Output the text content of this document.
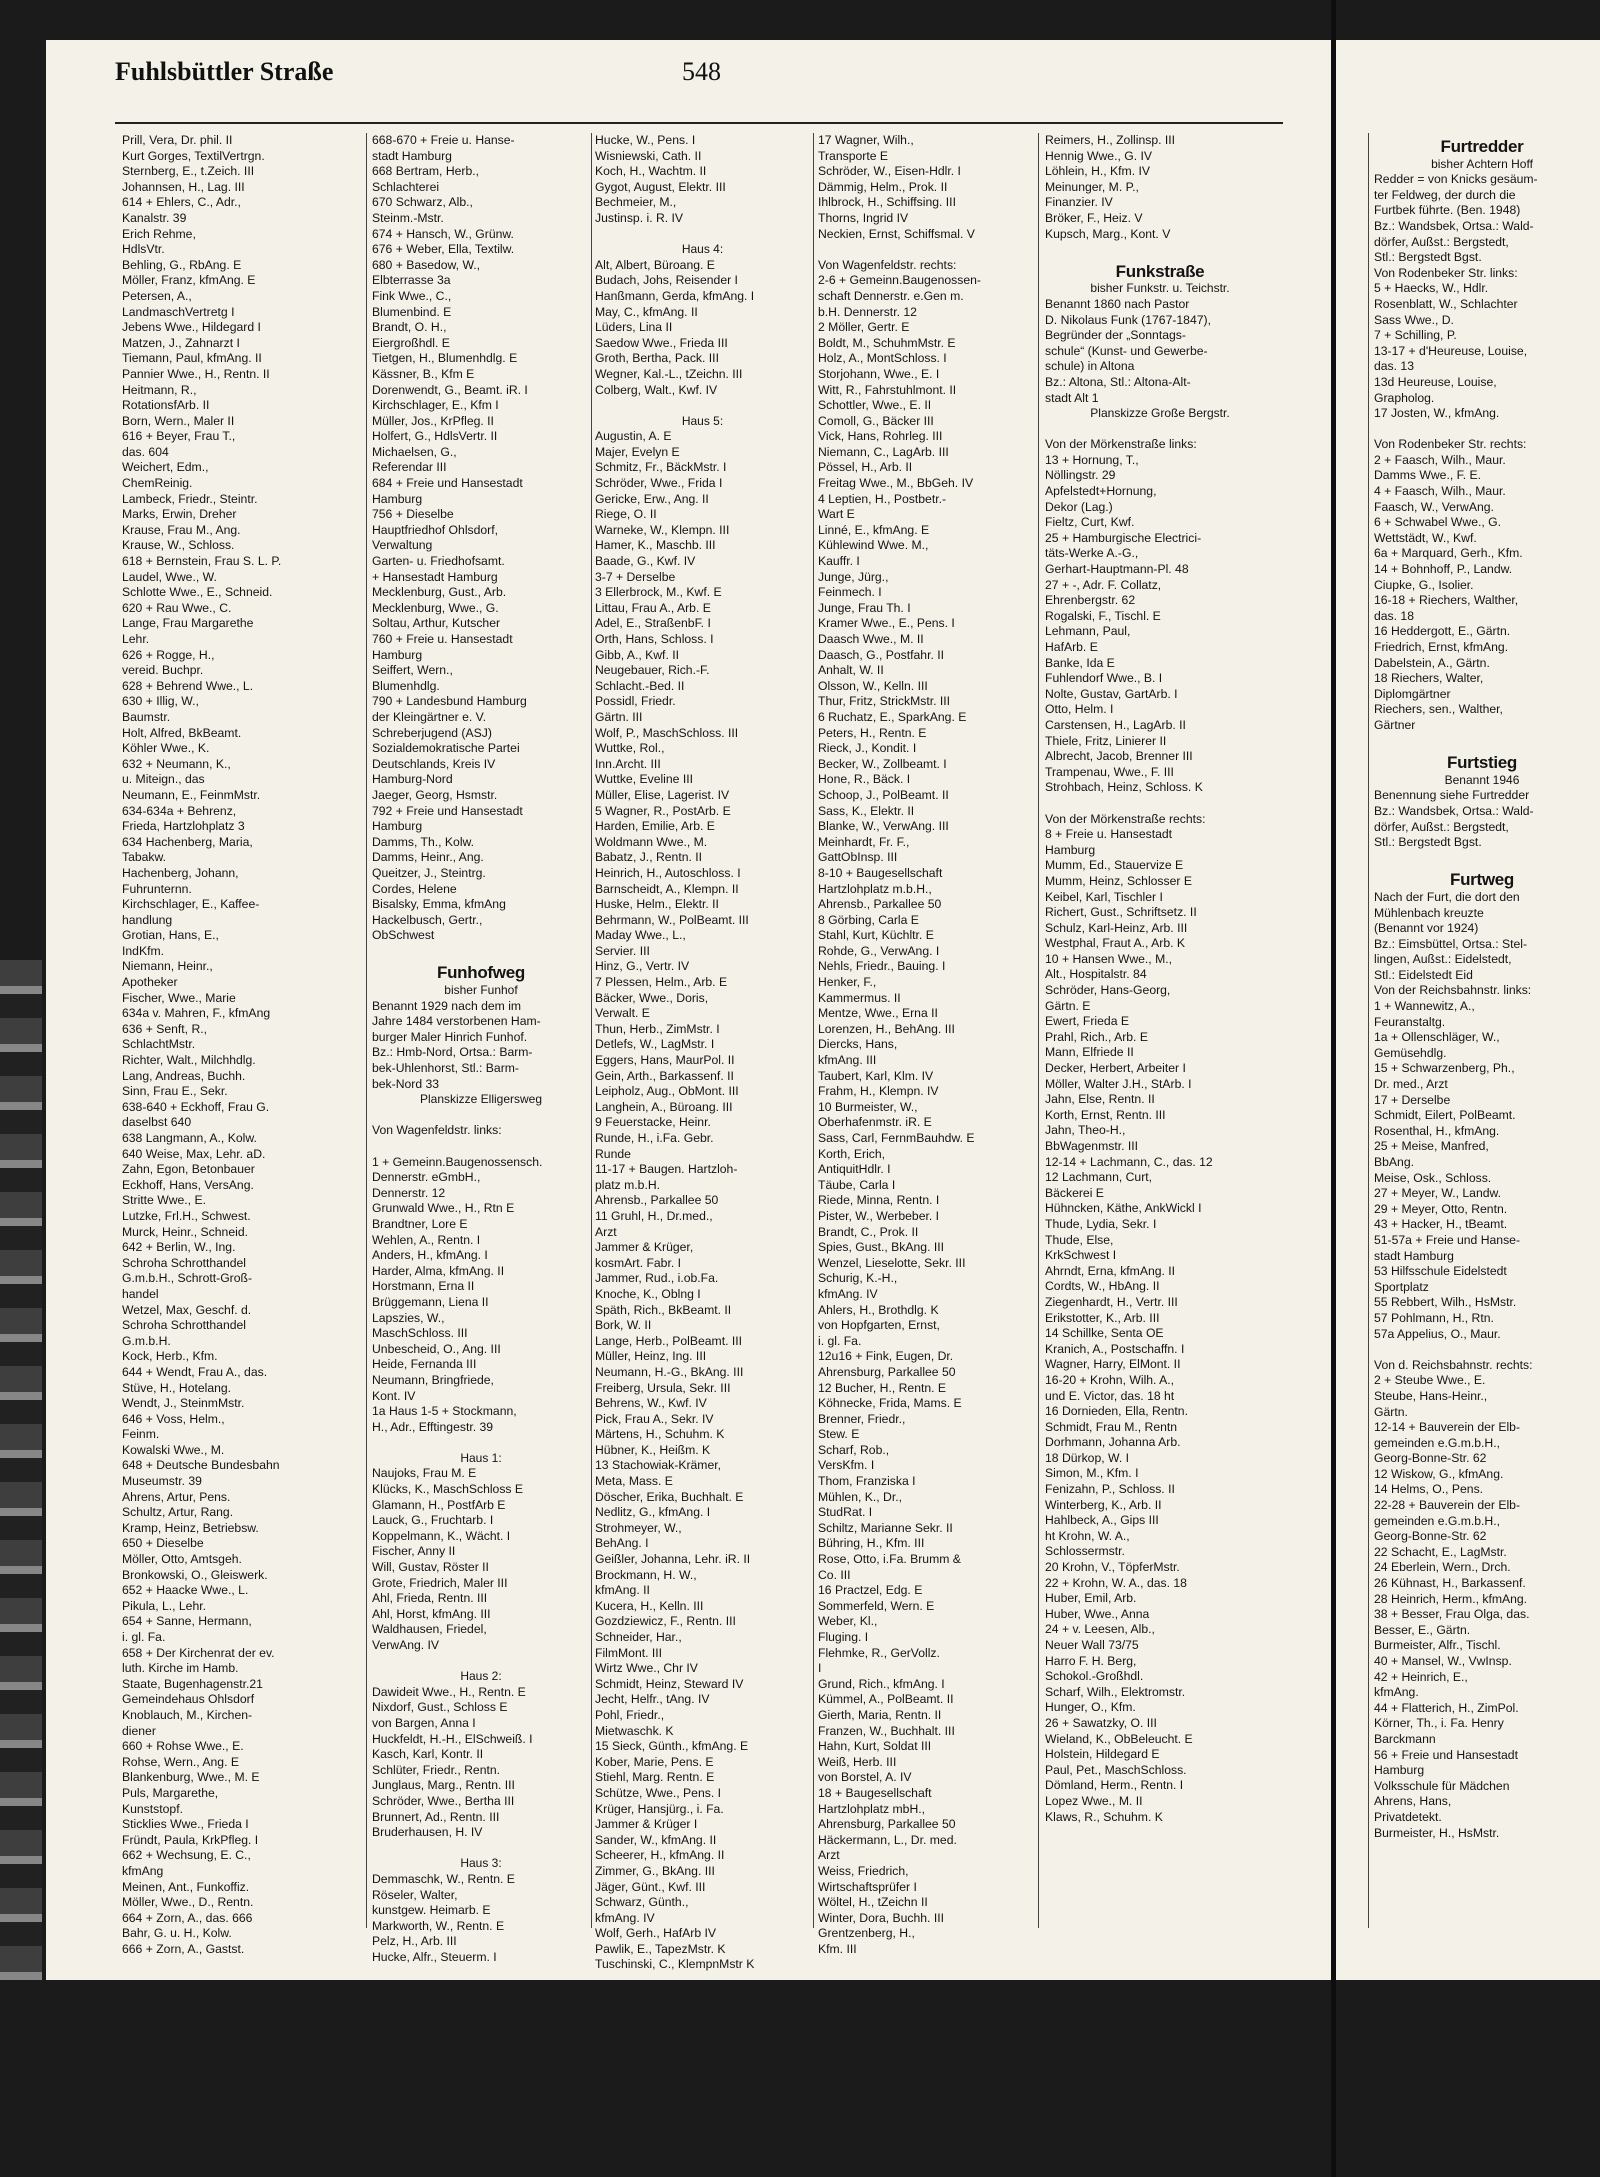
Fuhlsbüttler Straße	548
Prill, Vera, Dr. phil. II
Kurt Gorges, TextilVertrgn.
Sternberg, E., t.Zeich. III
Johannsen, H., Lag. III
614 + Ehlers, C., Adr.,
Kanalstr. 39
Erich Rehme,
HdlsVtr.
Behling, G., RbAng. E
Möller, Franz, kfmAng. E
Petersen, A.,
LandmaschVertretg I
Jebens Wwe., Hildegard I
Matzen, J., Zahnarzt I
Tiemann, Paul, kfmAng. II
Pannier Wwe., H., Rentn. II
Heitmann, R.,
RotationsfArb. II
Born, Wern., Maler II
616 + Beyer, Frau T.,
das. 604
Weichert, Edm.,
ChemReinig.
Lambeck, Friedr., Steintr.
Marks, Erwin, Dreher
Krause, Frau M., Ang.
Krause, W., Schloss.
618 + Bernstein, Frau S. L. P.
Laudel, Wwe., W.
Schlotte Wwe., E., Schneid.
620 + Rau Wwe., C.
Lange, Frau Margarethe
Lehr.
626 + Rogge, H.,
vereid. Buchpr.
628 + Behrend Wwe., L.
630 + Illig, W.,
Baumstr.
Holt, Alfred, BkBeamt.
Köhler Wwe., K.
632 + Neumann, K.,
u. Miteign., das
Neumann, E., FeinmMstr.
634-634a + Behrenz,
Frieda, Hartzlohplatz 3
634 Hachenberg, Maria,
Tabakw.
Hachenberg, Johann,
Fuhrunternn.
Kirchschlager, E., Kaffee-
handlung
Grotian, Hans, E.,
IndKfm.
Niemann, Heinr.,
Apotheker
Fischer, Wwe., Marie
634a v. Mahren, F., kfmAng
636 + Senft, R.,
SchlachtMstr.
Richter, Walt., Milchhdlg.
Lang, Andreas, Buchh.
Sinn, Frau E., Sekr.
638-640 + Eckhoff, Frau G.
daselbst 640
638 Langmann, A., Kolw.
640 Weise, Max, Lehr. aD.
Zahn, Egon, Betonbauer
Eckhoff, Hans, VersAng.
Stritte Wwe., E.
Lutzke, Frl.H., Schwest.
Murck, Heinr., Schneid.
642 + Berlin, W., Ing.
Schroha Schrotthandel
G.m.b.H., Schrott-Groß-
handel
Wetzel, Max, Geschf. d.
Schroha Schrotthandel
G.m.b.H.
Kock, Herb., Kfm.
644 + Wendt, Frau A., das.
Stüve, H., Hotelang.
Wendt, J., SteinmMstr.
646 + Voss, Helm.,
Feinm.
Kowalski Wwe., M.
648 + Deutsche Bundesbahn
Museumstr. 39
Ahrens, Artur, Pens.
Schultz, Artur, Rang.
Kramp, Heinz, Betriebsw.
650 + Dieselbe
Möller, Otto, Amtsgeh.
Bronkowski, O., Gleiswerk.
652 + Haacke Wwe., L.
Pikula, L., Lehr.
654 + Sanne, Hermann,
i. gl. Fa.
658 + Der Kirchenrat der ev.
luth. Kirche im Hamb.
Staate, Bugenhagenstr.21
Gemeindehaus Ohlsdorf
Knoblauch, M., Kirchen-
diener
660 + Rohse Wwe., E.
Rohse, Wern., Ang. E
Blankenburg, Wwe., M. E
Puls, Margarethe,
Kunststopf.
Sticklies Wwe., Frieda I
Fründt, Paula, KrkPfleg. I
662 + Wechsung, E. C.,
kfmAng
Meinen, Ant., Funkoffiz.
Möller, Wwe., D., Rentn.
664 + Zorn, A., das. 666
Bahr, G. u. H., Kolw.
666 + Zorn, A., Gastst.
668-670 + Freie u. Hanse-
stadt Hamburg
668 Bertram, Herb.,
Schlachterei
670 Schwarz, Alb.,
Steinm.-Mstr.
674 + Hansch, W., Grünw.
676 + Weber, Ella, Textilw.
680 + Basedow, W.,
Elbterrasse 3a
Fink Wwe., C.,
Blumenbind. E
Brandt, O. H.,
Eiergroßhdl. E
Tietgen, H., Blumenhdlg. E
Kässner, B., Kfm E
Dorenwendt, G., Beamt. iR. I
Kirchschlager, E., Kfm I
Müller, Jos., KrPfleg. II
Holfert, G., HdlsVertr. II
Michaelsen, G.,
Referendar III
684 + Freie und Hansestadt
Hamburg
756 + Dieselbe
Hauptfriedhof Ohlsdorf,
Verwaltung
Garten- u. Friedhofsamt.
+ Hansestadt Hamburg
Mecklenburg, Gust., Arb.
Mecklenburg, Wwe., G.
Soltau, Arthur, Kutscher
760 + Freie u. Hansestadt
Hamburg
Seiffert, Wern.,
Blumenhdlg.
790 + Landesbund Hamburg
der Kleingärtner e. V.
Schreberjugend (ASJ)
Sozialdemokratische Partei
Deutschlands, Kreis IV
Hamburg-Nord
Jaeger, Georg, Hsmstr.
792 + Freie und Hansestadt
Hamburg
Damms, Th., Kolw.
Damms, Heinr., Ang.
Queitzer, J., Steintrg.
Cordes, Helene
Bisalsky, Emma, kfmAng
Hackelbusch, Gertr.,
ObSchwest

Funhofweg
bisher Funhof
Benannt 1929 nach dem im
Jahre 1484 verstorbenen Ham-
burger Maler Hinrich Funhof.
Bz.: Hmb-Nord, Ortsa.: Barm-
bek-Uhlenhorst, Stl.: Barm-
bek-Nord 33
Planskizze Elligersweg

Von Wagenfeldstr. links:

1 + Gemeinn.Baugenossensch.
Dennerstr. eGmbH.,
Dennerstr. 12
Grunwald Wwe., H., Rtn E
Brandtner, Lore E
Wehlen, A., Rentn. I
Anders, H., kfmAng. I
Harder, Alma, kfmAng. II
Horstmann, Erna II
Brüggemann, Liena II
Lapszies, W.,
MaschSchloss. III
Unbescheid, O., Ang. III
Heide, Fernanda III
Neumann, Bringfriede,
Kont. IV
1a Haus 1-5 + Stockmann,
H., Adr., Efftingestr. 39

Haus 1:
Naujoks, Frau M. E
Klücks, K., MaschSchloss E
Glamann, H., PostfArb E
Lauck, G., Fruchtarb. I
Koppelmann, K., Wächt. I
Fischer, Anny II
Will, Gustav, Röster II
Grote, Friedrich, Maler III
Ahl, Frieda, Rentn. III
Ahl, Horst, kfmAng. III
Waldhausen, Friedel,
VerwAng. IV

Haus 2:
Dawideit Wwe., H., Rentn. E
Nixdorf, Gust., Schloss E
von Bargen, Anna I
Huckfeldt, H.-H., ElSchweiß. I
Kasch, Karl, Kontr. II
Schlüter, Friedr., Rentn.
Junglaus, Marg., Rentn. III
Schröder, Wwe., Bertha III
Brunnert, Ad., Rentn. III
Bruderhausen, H. IV

Haus 3:
Demmaschk, W., Rentn. E
Röseler, Walter,
kunstgew. Heimarb. E
Markworth, W., Rentn. E
Pelz, H., Arb. III
Hucke, Alfr., Steuerm. I
Hucke, W., Pens. I
Wisniewski, Cath. II
Koch, H., Wachtm. II
Gygot, August, Elektr. III
Bechmeier, M.,
Justinsp. i. R. IV

Haus 4:
Alt, Albert, Büroang. E
Budach, Johs, Reisender I
Hanßmann, Gerda, kfmAng. I
May, C., kfmAng. II
Lüders, Lina II
Saedow Wwe., Frieda III
Groth, Bertha, Pack. III
Wegner, Kal.-L., tZeichn. III
Colberg, Walt., Kwf. IV

Haus 5:
Augustin, A. E
Majer, Evelyn E
Schmitz, Fr., BäckMstr. I
Schröder, Wwe., Frida I
Gericke, Erw., Ang. II
Riege, O. II
Warneke, W., Klempn. III
Hamer, K., Maschb. III
Baade, G., Kwf. IV
3-7 + Derselbe
3 Ellerbrock, M., Kwf. E
Littau, Frau A., Arb. E
Adel, E., StraßenbF. I
Orth, Hans, Schloss. I
Gibb, A., Kwf. II
Neugebauer, Rich.-F.
Schlacht.-Bed. II
Possidl, Friedr.
Gärtn. III
Wolf, P., MaschSchloss. III
Wuttke, Rol.,
Inn.Archt. III
Wuttke, Eveline III
Müller, Elise, Lagerist. IV
5 Wagner, R., PostArb. E
Harden, Emilie, Arb. E
Woldmann Wwe., M.
Babatz, J., Rentn. II
Heinrich, H., Autoschloss. I
Barnscheidt, A., Klempn. II
Huske, Helm., Elektr. II
Behrmann, W., PolBeamt. III
Maday Wwe., L.,
Servier. III
Hinz, G., Vertr. IV
7 Plessen, Helm., Arb. E
Bäcker, Wwe., Doris,
Verwalt. E
Thun, Herb., ZimMstr. I
Detlefs, W., LagMstr. I
Eggers, Hans, MaurPol. II
Gein, Arth., Barkassenf. II
Leipholz, Aug., ObMont. III
Langhein, A., Büroang. III
9 Feuerstacke, Heinr.
Runde, H., i.Fa. Gebr.
Runde
11-17 + Baugen. Hartzloh-
platz m.b.H.
Ahrensb., Parkallee 50
11 Gruhl, H., Dr.med.,
Arzt
Jammer & Krüger,
kosmArt. Fabr. I
Jammer, Rud., i.ob.Fa.
Knoche, K., Oblng I
Späth, Rich., BkBeamt. II
Bork, W. II
Lange, Herb., PolBeamt. III
Müller, Heinz, Ing. III
Neumann, H.-G., BkAng. III
Freiberg, Ursula, Sekr. III
Behrens, W., Kwf. IV
Pick, Frau A., Sekr. IV
Märtens, H., Schuhm. K
Hübner, K., Heißm. K
13 Stachowiak-Krämer,
Meta, Mass. E
Döscher, Erika, Buchhalt. E
Nedlitz, G., kfmAng. I
Strohmeyer, W.,
BehAng. I
Geißler, Johanna, Lehr. iR. II
Brockmann, H. W.,
kfmAng. II
Kucera, H., Kelln. III
Gozdziewicz, F., Rentn. III
Schneider, Har.,
FilmMont. III
Wirtz Wwe., Chr IV
Schmidt, Heinz, Steward IV
Jecht, Helfr., tAng. IV
Pohl, Friedr.,
Mietwaschk. K
15 Sieck, Günth., kfmAng. E
Kober, Marie, Pens. E
Stiehl, Marg. Rentn. E
Schütze, Wwe., Pens. I
Krüger, Hansjürg., i. Fa.
Jammer & Krüger I
Sander, W., kfmAng. II
Scheerer, H., kfmAng. II
Zimmer, G., BkAng. III
Jäger, Günt., Kwf. III
Schwarz, Günth.,
kfmAng. IV
Wolf, Gerh., HafArb IV
Pawlik, E., TapezMstr. K
Tuschinski, C., KlempnMstr K
17 Wagner, Wilh.,
Transporte E
Schröder, W., Eisen-Hdlr. I
Dämmig, Helm., Prok. II
Ihlbrock, H., Schiffsing. III
Thorns, Ingrid IV
Neckien, Ernst, Schiffsmal. V

Von Wagenfeldstr. rechts:
2-6 + Gemeinn.Baugenossen-
schaft Dennerstr. e.Gen m.
b.H. Dennerstr. 12
2 Möller, Gertr. E
Boldt, M., SchuhmMstr. E
Holz, A., MontSchloss. I
Storjohann, Wwe., E. I
Witt, R., Fahrstuhlmont. II
Schottler, Wwe., E. II
Comoll, G., Bäcker III
Vick, Hans, Rohrleg. III
Niemann, C., LagArb. III
Pössel, H., Arb. II
Freitag Wwe., M., BbGeh. IV
4 Leptien, H., Postbetr.-
Wart E
Linné, E., kfmAng. E
Kühlewind Wwe. M.,
Kauffr. I
Junge, Jürg.,
Feinmech. I
Junge, Frau Th. I
Kramer Wwe., E., Pens. I
Daasch Wwe., M. II
Daasch, G., Postfahr. II
Anhalt, W. II
Olsson, W., Kelln. III
Thur, Fritz, StrickMstr. III
6 Ruchatz, E., SparkAng. E
Peters, H., Rentn. E
Rieck, J., Kondit. I
Becker, W., Zollbeamt. I
Hone, R., Bäck. I
Schoop, J., PolBeamt. II
Sass, K., Elektr. II
Blanke, W., VerwAng. III
Meinhardt, Fr. F.,
GattObInsp. III
8-10 + Baugesellschaft
Hartzlohplatz m.b.H.,
Ahrensb., Parkallee 50
8 Görbing, Carla E
Stahl, Kurt, Küchltr. E
Rohde, G., VerwAng. I
Nehls, Friedr., Bauing. I
Henker, F.,
Kammermus. II
Mentze, Wwe., Erna II
Lorenzen, H., BehAng. III
Diercks, Hans,
kfmAng. III
Taubert, Karl, Klm. IV
Frahm, H., Klempn. IV
10 Burmeister, W.,
Oberhafenmstr. iR. E
Sass, Carl, FernmBauhdw. E
Korth, Erich,
AntiquitHdlr. I
Täube, Carla I
Riede, Minna, Rentn. I
Pister, W., Werbeber. I
Brandt, C., Prok. II
Spies, Gust., BkAng. III
Wenzel, Lieselotte, Sekr. III
Schurig, K.-H.,
kfmAng. IV
Ahlers, H., Brothdlg. K
von Hopfgarten, Ernst,
i. gl. Fa.
12u16 + Fink, Eugen, Dr.
Ahrensburg, Parkallee 50
12 Bucher, H., Rentn. E
Köhnecke, Frida, Mams. E
Brenner, Friedr.,
Stew. E
Scharf, Rob.,
VersKfm. I
Thom, Franziska I
Mühlen, K., Dr.,
StudRat. I
Schiltz, Marianne Sekr. II
Bühring, H., Kfm. III
Rose, Otto, i.Fa. Brumm &
Co. III
16 Practzel, Edg. E
Sommerfeld, Wern. E
Weber, Kl.,
Fluging. I
Flehmke, R., GerVollz.
I
Grund, Rich., kfmAng. I
Kümmel, A., PolBeamt. II
Gierth, Maria, Rentn. II
Franzen, W., Buchhalt. III
Hahn, Kurt, Soldat III
Weiß, Herb. III
von Borstel, A. IV
18 + Baugesellschaft
Hartzlohplatz mbH.,
Ahrensburg, Parkallee 50
Häckermann, L., Dr. med.
Arzt
Weiss, Friedrich,
Wirtschaftsprüfer I
Wöltel, H., tZeichn II
Winter, Dora, Buchh. III
Grentzenberg, H.,
Kfm. III
Reimers, H., Zollinsp. III
Hennig Wwe., G. IV
Löhlein, H., Kfm. IV
Meinunger, M. P.,
Finanzier. IV
Bröker, F., Heiz. V
Kupsch, Marg., Kont. V

Funkstraße
bisher Funkstr. u. Teichstr.
Benannt 1860 nach Pastor
D. Nikolaus Funk (1767-1847),
Begründer der „Sonntags-
schule“ (Kunst- und Gewerbe-
schule) in Altona
Bz.: Altona, Stl.: Altona-Alt-
stadt Alt 1
Planskizze Große Bergstr.

Von der Mörkenstraße links:
13 + Hornung, T.,
Nöllingstr. 29
Apfelstedt+Hornung,
Dekor (Lag.)
Fieltz, Curt, Kwf.
25 + Hamburgische Electrici-
täts-Werke A.-G.,
Gerhart-Hauptmann-Pl. 48
27 + -, Adr. F. Collatz,
Ehrenbergstr. 62
Rogalski, F., Tischl. E
Lehmann, Paul,
HafArb. E
Banke, Ida E
Fuhlendorf Wwe., B. I
Nolte, Gustav, GartArb. I
Otto, Helm. I
Carstensen, H., LagArb. II
Thiele, Fritz, Linierer II
Albrecht, Jacob, Brenner III
Trampenau, Wwe., F. III
Strohbach, Heinz, Schloss. K

Von der Mörkenstraße rechts:
8 + Freie u. Hansestadt
Hamburg
Mumm, Ed., Stauervize E
Mumm, Heinz, Schlosser E
Keibel, Karl, Tischler I
Richert, Gust., Schriftsetz. II
Schulz, Karl-Heinz, Arb. III
Westphal, Fraut A., Arb. K
10 + Hansen Wwe., M.,
Alt., Hospitalstr. 84
Schröder, Hans-Georg,
Gärtn. E
Ewert, Frieda E
Prahl, Rich., Arb. E
Mann, Elfriede II
Decker, Herbert, Arbeiter I
Möller, Walter J.H., StArb. I
Jahn, Else, Rentn. II
Korth, Ernst, Rentn. III
Jahn, Theo-H.,
BbWagenmstr. III
12-14 + Lachmann, C., das. 12
12 Lachmann, Curt,
Bäckerei E
Hühncken, Käthe, AnkWickl I
Thude, Lydia, Sekr. I
Thude, Else,
KrkSchwest I
Ahrndt, Erna, kfmAng. II
Cordts, W., HbAng. II
Ziegenhardt, H., Vertr. III
Erikstotter, K., Arb. III
14 Schillke, Senta OE
Kranich, A., Postschaffn. I
Wagner, Harry, ElMont. II
16-20 + Krohn, Wilh. A.,
und E. Victor, das. 18 ht
16 Dornieden, Ella, Rentn.
Schmidt, Frau M., Rentn
Dorhmann, Johanna Arb.
18 Dürkop, W. I
Simon, M., Kfm. I
Fenizahn, P., Schloss. II
Winterberg, K., Arb. II
Hahlbeck, A., Gips III
ht Krohn, W. A.,
Schlossermstr.
20 Krohn, V., TöpferMstr.
22 + Krohn, W. A., das. 18
Huber, Emil, Arb.
Huber, Wwe., Anna
24 + v. Leesen, Alb.,
Neuer Wall 73/75
Harro F. H. Berg,
Schokol.-Großhdl.
Scharf, Wilh., Elektromstr.
Hunger, O., Kfm.
26 + Sawatzky, O. III
Wieland, K., ObBeleucht. E
Holstein, Hildegard E
Paul, Pet., MaschSchloss.
Dömland, Herm., Rentn. I
Lopez Wwe., M. II
Klaws, R., Schuhm. K
Furtredder
bisher Achtern Hoff
Redder = von Knicks gesäum-
ter Feldweg, der durch die
Furtbek führte. (Ben. 1948)
Bz.: Wandsbek, Ortsa.: Wald-
dörfer, Außst.: Bergstedt,
Stl.: Bergstedt Bgst.
Von Rodenbeker Str. links:
5 + Haecks, W., Hdlr.
Rosenblatt, W., Schlachter
Sass Wwe., D.
7 + Schilling, P.
13-17 + d'Heureuse, Louise,
das. 13
13d Heureuse, Louise,
Grapholog.
17 Josten, W., kfmAng.

Von Rodenbeker Str. rechts:
2 + Faasch, Wilh., Maur.
Damms Wwe., F. E.
4 + Faasch, Wilh., Maur.
Faasch, W., VerwAng.
6 + Schwabel Wwe., G.
Wettstädt, W., Kwf.
6a + Marquard, Gerh., Kfm.
14 + Bohnhoff, P., Landw.
Ciupke, G., Isolier.
16-18 + Riechers, Walther,
das. 18
16 Heddergott, E., Gärtn.
Friedrich, Ernst, kfmAng.
Dabelstein, A., Gärtn.
18 Riechers, Walter,
Diplomgärtner
Riechers, sen., Walther,
Gärtner

Furtstieg
Benannt 1946
Benennung siehe Furtredder
Bz.: Wandsbek, Ortsa.: Wald-
dörfer, Außst.: Bergstedt,
Stl.: Bergstedt Bgst.

Furtweg
Nach der Furt, die dort den
Mühlenbach kreuzte
(Benannt vor 1924)
Bz.: Eimsbüttel, Ortsa.: Stel-
lingen, Außst.: Eidelstedt,
Stl.: Eidelstedt Eid
Von der Reichsbahnstr. links:
1 + Wannewitz, A.,
Feuranstaltg.
1a + Ollenschläger, W.,
Gemüsehdlg.
15 + Schwarzenberg, Ph.,
Dr. med., Arzt
17 + Derselbe
Schmidt, Eilert, PolBeamt.
Rosenthal, H., kfmAng.
25 + Meise, Manfred,
BbAng.
Meise, Osk., Schloss.
27 + Meyer, W., Landw.
29 + Meyer, Otto, Rentn.
43 + Hacker, H., tBeamt.
51-57a + Freie und Hanse-
stadt Hamburg
53 Hilfsschule Eidelstedt
Sportplatz
55 Rebbert, Wilh., HsMstr.
57 Pohlmann, H., Rtn.
57a Appelius, O., Maur.

Von d. Reichsbahnstr. rechts:
2 + Steube Wwe., E.
Steube, Hans-Heinr.,
Gärtn.
12-14 + Bauverein der Elb-
gemeinden e.G.m.b.H.,
Georg-Bonne-Str. 62
12 Wiskow, G., kfmAng.
14 Helms, O., Pens.
22-28 + Bauverein der Elb-
gemeinden e.G.m.b.H.,
Georg-Bonne-Str. 62
22 Schacht, E., LagMstr.
24 Eberlein, Wern., Drch.
26 Kühnast, H., Barkassenf.
28 Heinrich, Herm., kfmAng.
38 + Besser, Frau Olga, das.
Besser, E., Gärtn.
Burmeister, Alfr., Tischl.
40 + Mansel, W., VwInsp.
42 + Heinrich, E.,
kfmAng.
44 + Flatterich, H., ZimPol.
Körner, Th., i. Fa. Henry
Barckmann
56 + Freie und Hansestadt
Hamburg
Volksschule für Mädchen
Ahrens, Hans,
Privatdetekt.
Burmeister, H., HsMstr.
